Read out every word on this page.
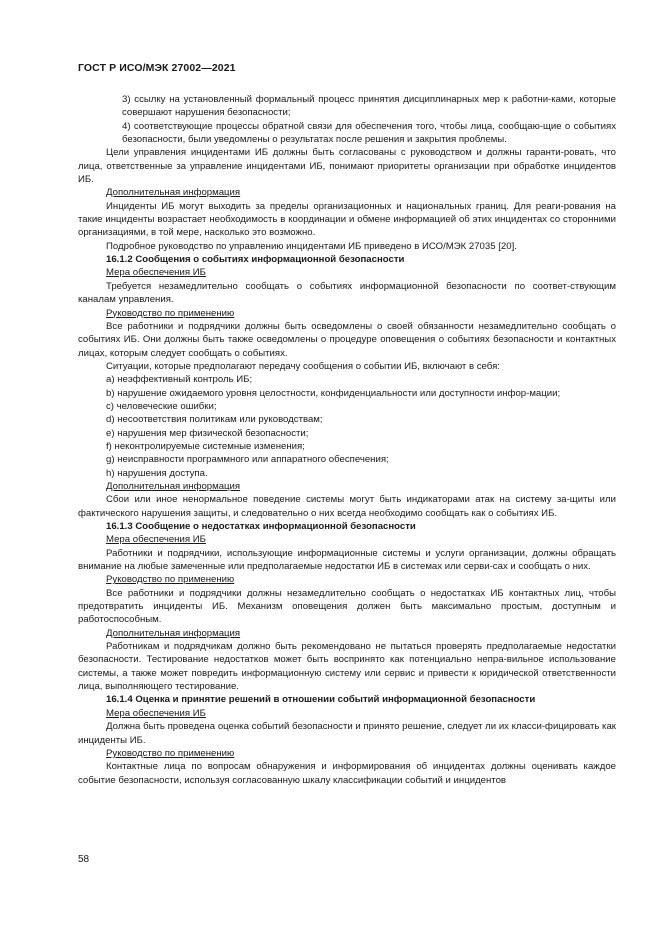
ГОСТ Р ИСО/МЭК 27002—2021

3) ссылку на установленный формальный процесс принятия дисциплинарных мер к работни-ками, которые совершают нарушения безопасности;

4) соответствующие процессы обратной связи для обеспечения того, чтобы лица, сообщаю-щие о событиях безопасности, были уведомлены о результатах после решения и закрытия проблемы.

Цели управления инцидентами ИБ должны быть согласованы с руководством и должны гаранти-ровать, что лица, ответственные за управление инцидентами ИБ, понимают приоритеты организации при обработке инцидентов ИБ.

Дополнительная информация

Инциденты ИБ могут выходить за пределы организационных и национальных границ. Для реаги-рования на такие инциденты возрастает необходимость в координации и обмене информацией об этих инцидентах со сторонними организациями, в той мере, насколько это возможно.

Подробное руководство по управлению инцидентами ИБ приведено в ИСО/МЭК 27035 [20].

16.1.2 Сообщения о событиях информационной безопасности

Мера обеспечения ИБ

Требуется незамедлительно сообщать о событиях информационной безопасности по соответ-ствующим каналам управления.

Руководство по применению

Все работники и подрядчики должны быть осведомлены о своей обязанности незамедлительно сообщать о событиях ИБ. Они должны быть также осведомлены о процедуре оповещения о событиях безопасности и контактных лицах, которым следует сообщать о событиях.

Ситуации, которые предполагают передачу сообщения о событии ИБ, включают в себя:

a) неэффективный контроль ИБ;

b) нарушение ожидаемого уровня целостности, конфиденциальности или доступности инфор-мации;

c) человеческие ошибки;

d) несоответствия политикам или руководствам;

e) нарушения мер физической безопасности;

f) неконтролируемые системные изменения;

g) неисправности программного или аппаратного обеспечения;

h) нарушения доступа.

Дополнительная информация

Сбои или иное ненормальное поведение системы могут быть индикаторами атак на систему за-щиты или фактического нарушения защиты, и следовательно о них всегда необходимо сообщать как о событиях ИБ.

16.1.3 Сообщение о недостатках информационной безопасности

Мера обеспечения ИБ

Работники и подрядчики, использующие информационные системы и услуги организации, должны обращать внимание на любые замеченные или предполагаемые недостатки ИБ в системах или серви-сах и сообщать о них.

Руководство по применению

Все работники и подрядчики должны незамедлительно сообщать о недостатках ИБ контактных лиц, чтобы предотвратить инциденты ИБ. Механизм оповещения должен быть максимально простым, доступным и работоспособным.

Дополнительная информация

Работникам и подрядчикам должно быть рекомендовано не пытаться проверять предполагаемые недостатки безопасности. Тестирование недостатков может быть воспринято как потенциально непра-вильное использование системы, а также может повредить информационную систему или сервис и привести к юридической ответственности лица, выполняющего тестирование.

16.1.4 Оценка и принятие решений в отношении событий информационной безопасности

Мера обеспечения ИБ

Должна быть проведена оценка событий безопасности и принято решение, следует ли их класси-фицировать как инциденты ИБ.

Руководство по применению

Контактные лица по вопросам обнаружения и информирования об инцидентах должны оценивать каждое событие безопасности, используя согласованную шкалу классификации событий и инцидентов

58
